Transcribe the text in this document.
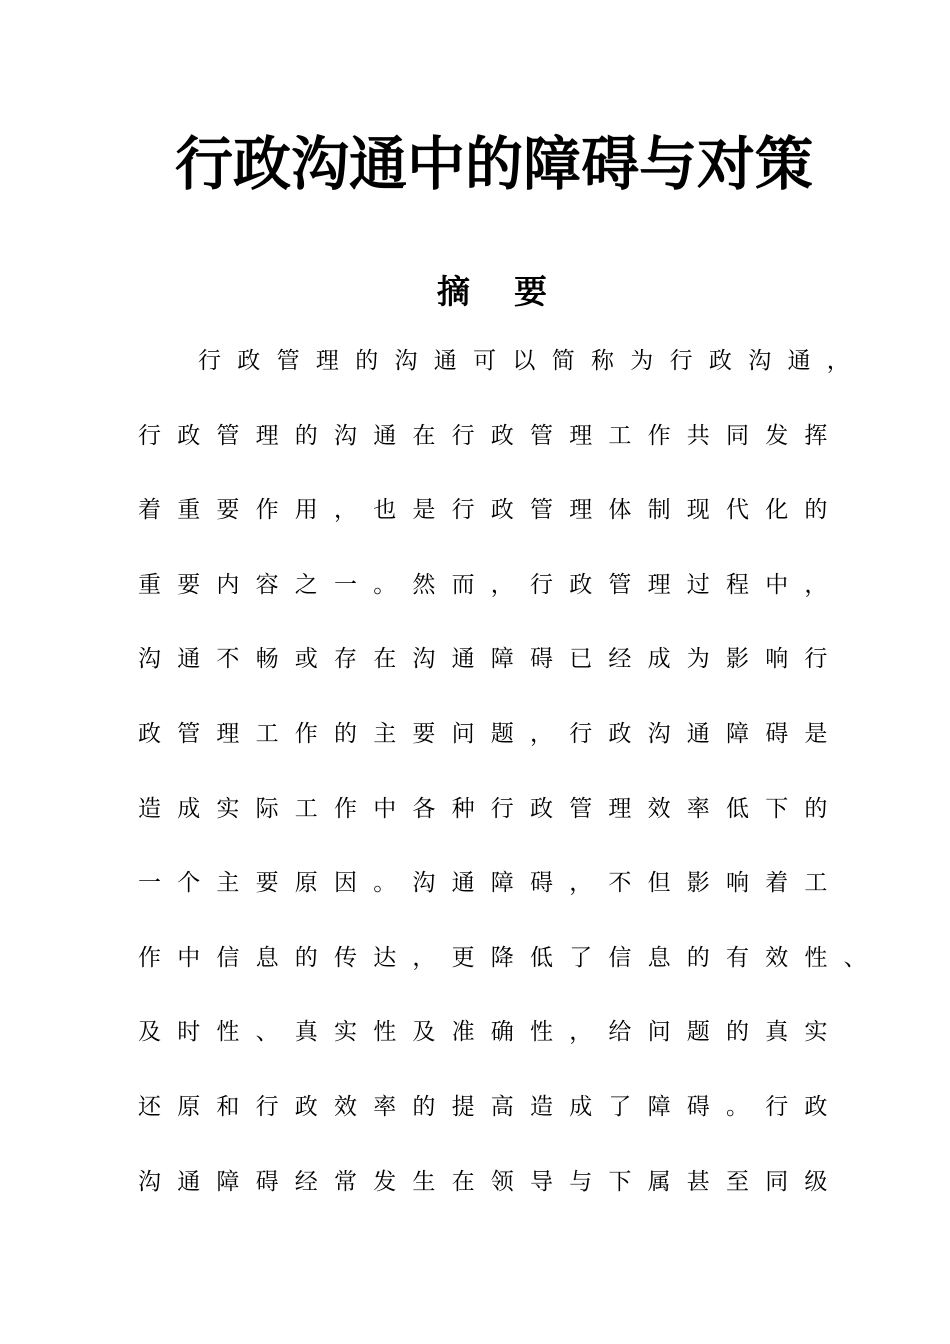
行政沟通中的障碍与对策
摘要
行政管理的沟通可以简称为行政沟通，
行政管理的沟通在行政管理工作共同发挥
着重要作用，也是行政管理体制现代化的
重要内容之一。然而，行政管理过程中，
沟通不畅或存在沟通障碍已经成为影响行
政管理工作的主要问题，行政沟通障碍是
造成实际工作中各种行政管理效率低下的
一个主要原因。沟通障碍，不但影响着工
作中信息的传达，更降低了信息的有效性、
及时性、真实性及准确性，给问题的真实
还原和行政效率的提高造成了障碍。行政
沟通障碍经常发生在领导与下属甚至同级
